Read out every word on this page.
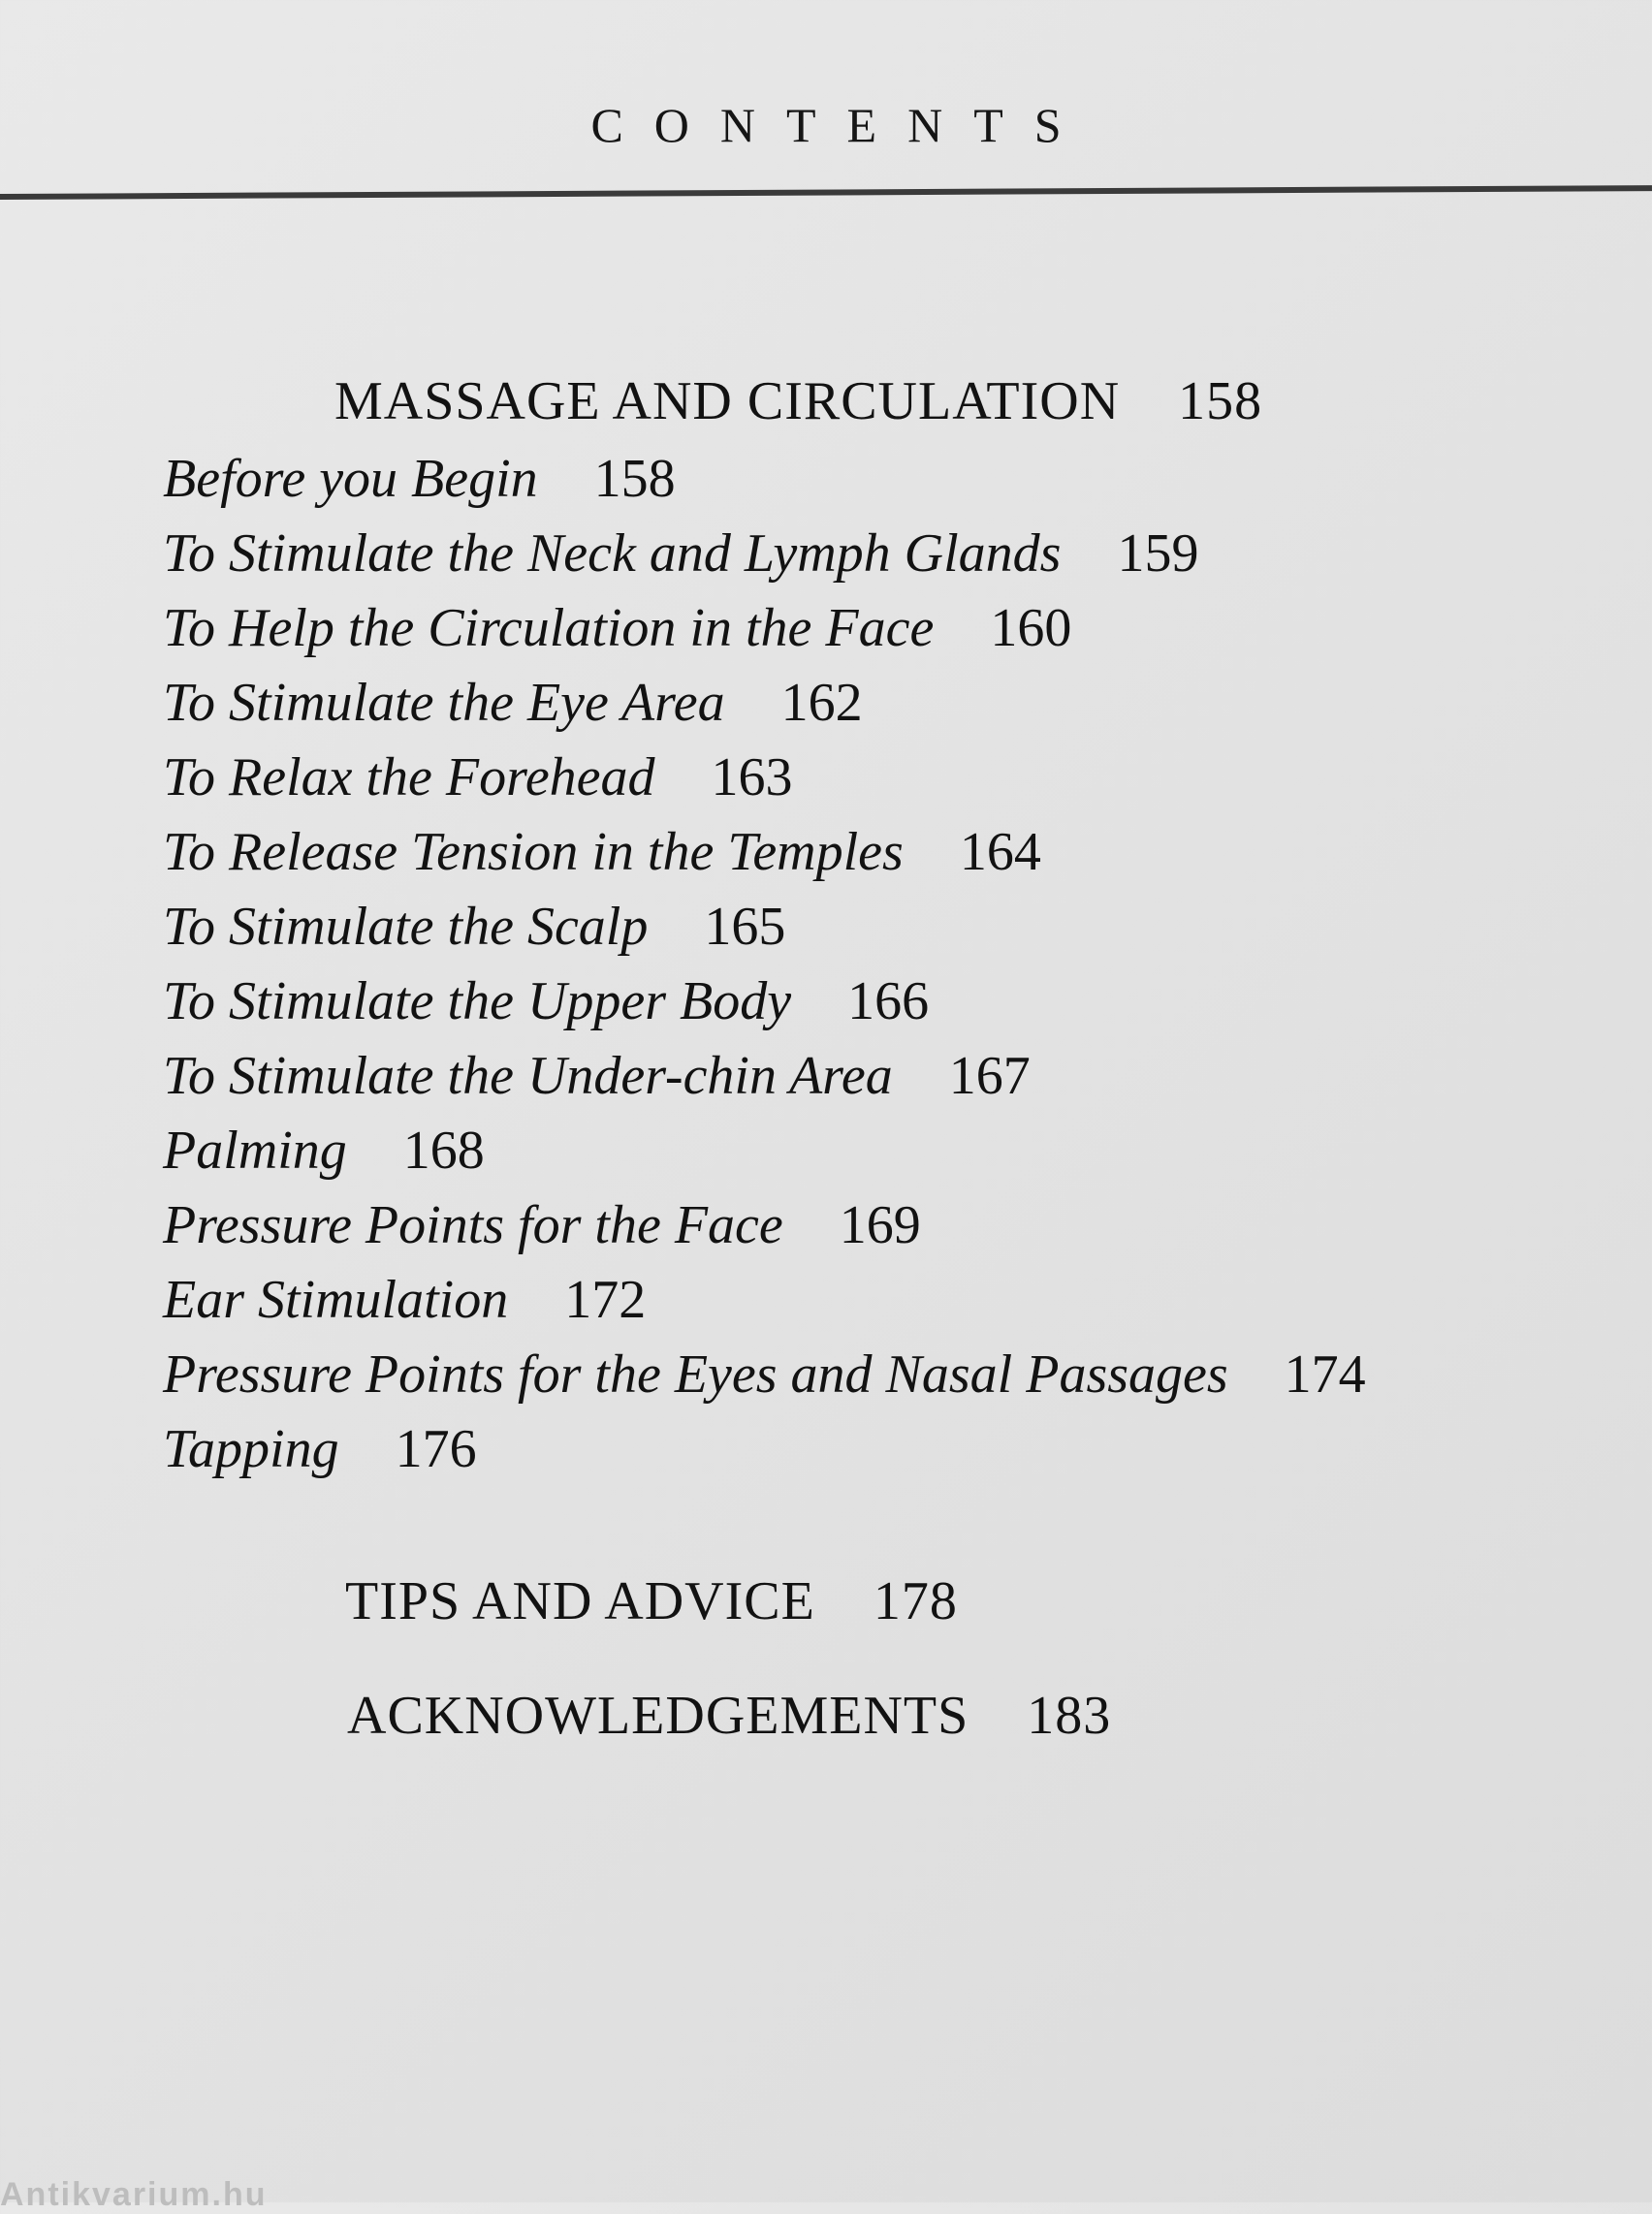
CONTENTS
MASSAGE AND CIRCULATION 158
Before you Begin 158
To Stimulate the Neck and Lymph Glands 159
To Help the Circulation in the Face 160
To Stimulate the Eye Area 162
To Relax the Forehead 163
To Release Tension in the Temples 164
To Stimulate the Scalp 165
To Stimulate the Upper Body 166
To Stimulate the Under-chin Area 167
Palming 168
Pressure Points for the Face 169
Ear Stimulation 172
Pressure Points for the Eyes and Nasal Passages 174
Tapping 176
TIPS AND ADVICE 178
ACKNOWLEDGEMENTS 183
Antikvarium.hu
